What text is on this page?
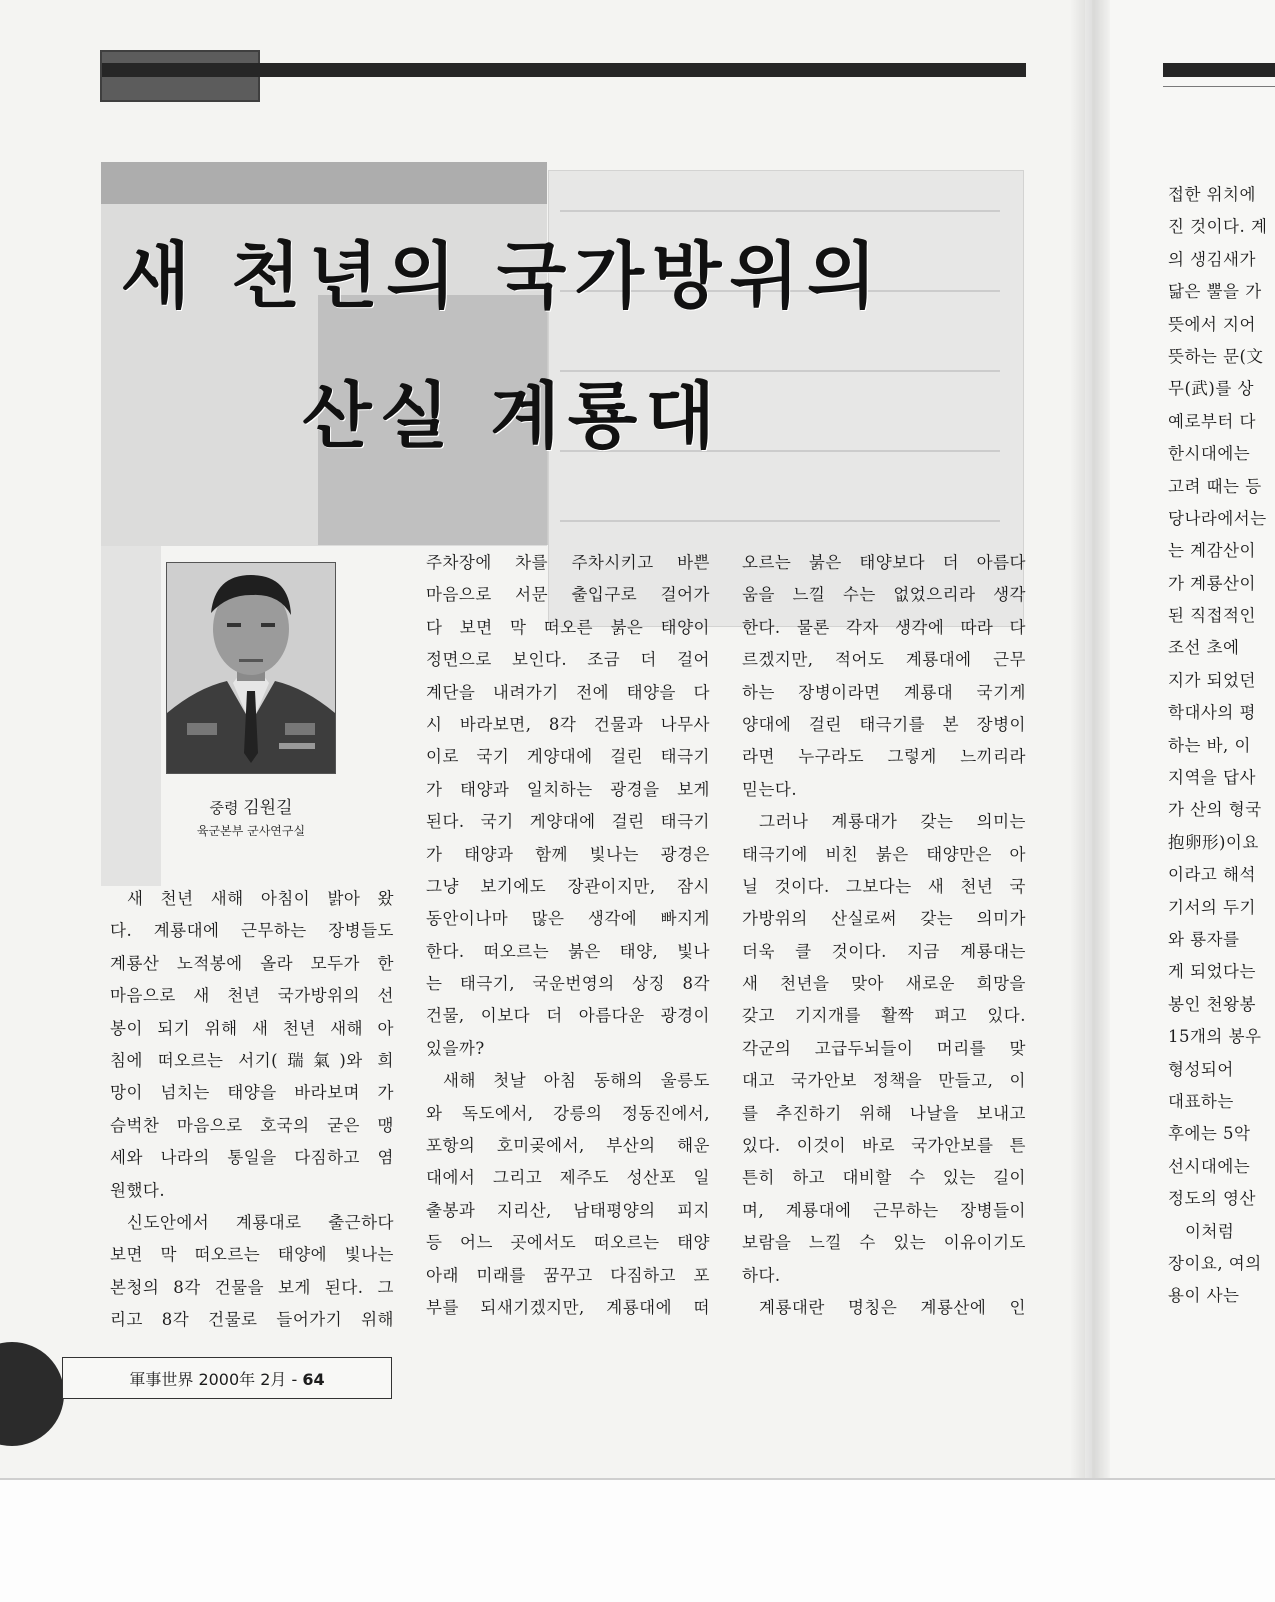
새 천년의 국가방위의
산실 계룡대
중령 김원길
육군본부 군사연구실
새 천년 새해 아침이 밝아 왔
다. 계룡대에 근무하는 장병들도
계룡산 노적봉에 올라 모두가 한
마음으로 새 천년 국가방위의 선
봉이 되기 위해 새 천년 새해 아
침에 떠오르는 서기(瑞氣)와 희
망이 넘치는 태양을 바라보며 가
슴벅찬 마음으로 호국의 굳은 맹
세와 나라의 통일을 다짐하고 염
원했다.
신도안에서 계룡대로 출근하다
보면 막 떠오르는 태양에 빛나는
본청의 8각 건물을 보게 된다. 그
리고 8각 건물로 들어가기 위해
주차장에 차를 주차시키고 바쁜
마음으로 서문 출입구로 걸어가
다 보면 막 떠오른 붉은 태양이
정면으로 보인다. 조금 더 걸어
계단을 내려가기 전에 태양을 다
시 바라보면, 8각 건물과 나무사
이로 국기 게양대에 걸린 태극기
가 태양과 일치하는 광경을 보게
된다. 국기 게양대에 걸린 태극기
가 태양과 함께 빛나는 광경은
그냥 보기에도 장관이지만, 잠시
동안이나마 많은 생각에 빠지게
한다. 떠오르는 붉은 태양, 빛나
는 태극기, 국운번영의 상징 8각
건물, 이보다 더 아름다운 광경이
있을까?
새해 첫날 아침 동해의 울릉도
와 독도에서, 강릉의 정동진에서,
포항의 호미곶에서, 부산의 해운
대에서 그리고 제주도 성산포 일
출봉과 지리산, 남태평양의 피지
등 어느 곳에서도 떠오르는 태양
아래 미래를 꿈꾸고 다짐하고 포
부를 되새기겠지만, 계룡대에 떠
오르는 붉은 태양보다 더 아름다
움을 느낄 수는 없었으리라 생각
한다. 물론 각자 생각에 따라 다
르겠지만, 적어도 계룡대에 근무
하는 장병이라면 계룡대 국기게
양대에 걸린 태극기를 본 장병이
라면 누구라도 그렇게 느끼리라
믿는다.
그러나 계룡대가 갖는 의미는
태극기에 비친 붉은 태양만은 아
닐 것이다. 그보다는 새 천년 국
가방위의 산실로써 갖는 의미가
더욱 클 것이다. 지금 계룡대는
새 천년을 맞아 새로운 희망을
갖고 기지개를 활짝 펴고 있다.
각군의 고급두뇌들이 머리를 맞
대고 국가안보 정책을 만들고, 이
를 추진하기 위해 나날을 보내고
있다. 이것이 바로 국가안보를 튼
튼히 하고 대비할 수 있는 길이
며, 계룡대에 근무하는 장병들이
보람을 느낄 수 있는 이유이기도
하다.
계룡대란 명칭은 계룡산에 인
접한 위치에
진 것이다. 계
의 생김새가
닮은 뿔을 가
뜻에서 지어
뜻하는 문(文
무(武)를 상
예로부터 다
한시대에는
고려 때는 등
당나라에서는
는 계감산이
가 계룡산이
된 직접적인
조선 초에
지가 되었던
학대사의 평
하는 바, 이
지역을 답사
가 산의 형국
抱卵形)이요
이라고 해석
기서의 두기
와 룡자를
게 되었다는
봉인 천왕봉
15개의 봉우
형성되어
대표하는
후에는 5악
선시대에는
정도의 영산
이처럼
장이요, 여의
용이 사는
軍事世界 2000年 2月 - 64
